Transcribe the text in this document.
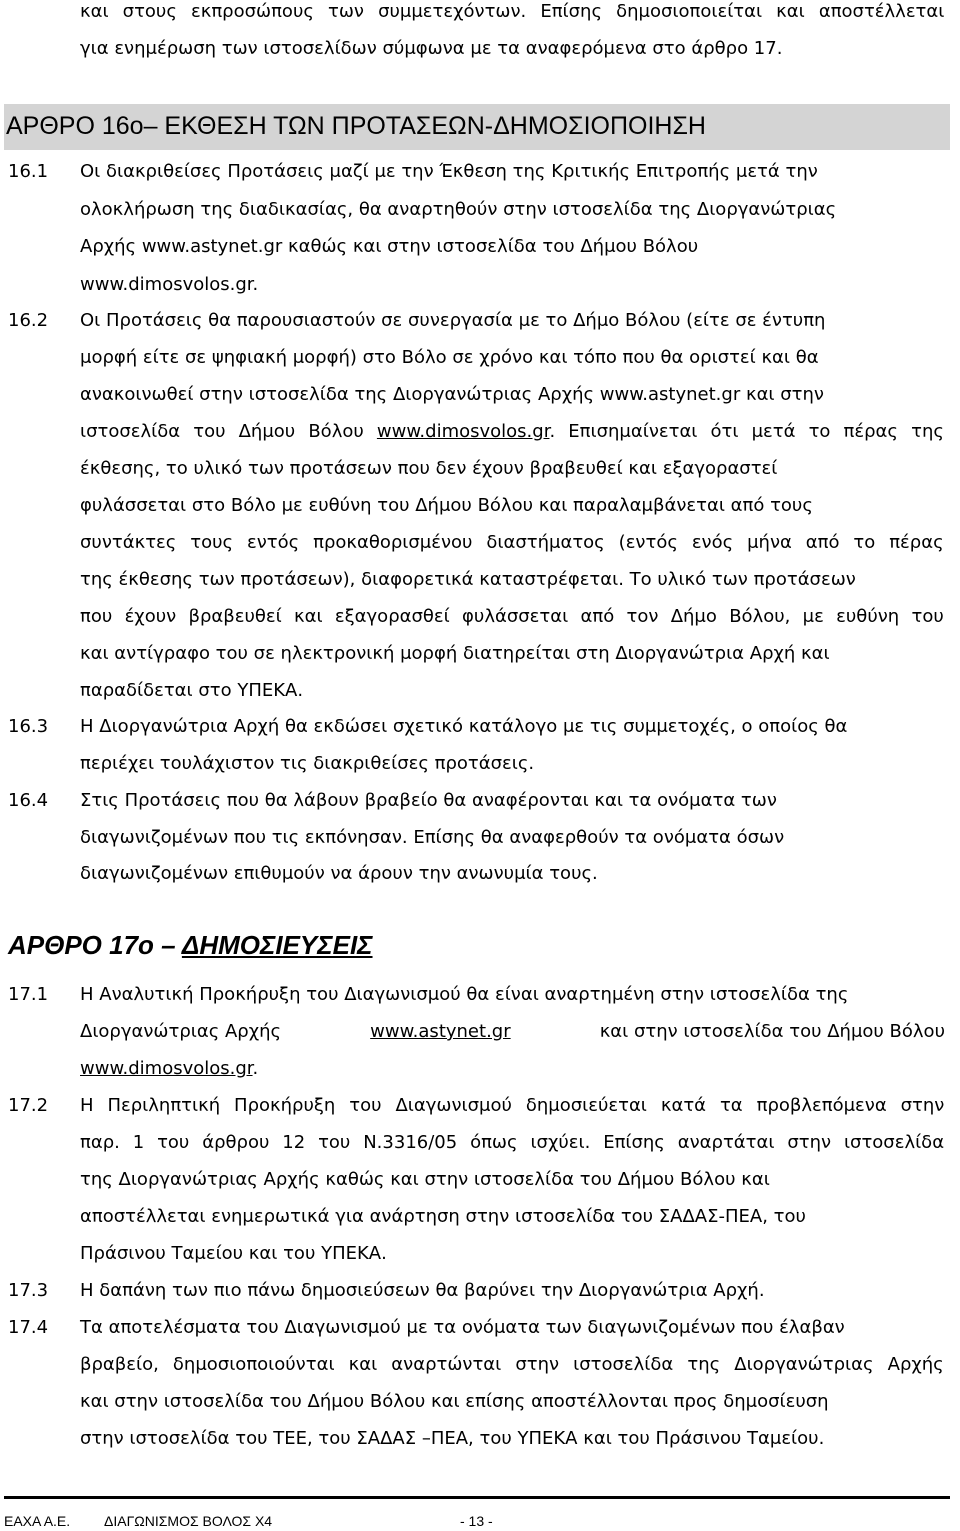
και στους εκπροσώπους των συμμετεχόντων. Επίσης δημοσιοποιείται και αποστέλλεται
για ενημέρωση των ιστοσελίδων σύμφωνα με τα αναφερόμενα στο άρθρο 17.
ΑΡΘΡΟ 16ο– ΕΚΘΕΣΗ ΤΩΝ ΠΡΟΤΑΣΕΩΝ-ΔΗΜΟΣΙΟΠΟΙΗΣΗ
16.1 Οι διακριθείσες Προτάσεις μαζί με την Έκθεση της Κριτικής Επιτροπής μετά την
ολοκλήρωση της διαδικασίας, θα αναρτηθούν στην ιστοσελίδα της Διοργανώτριας
Αρχής www.astynet.gr καθώς και στην ιστοσελίδα του Δήμου Βόλου
www.dimosvolos.gr.
16.2 Οι Προτάσεις θα παρουσιαστούν σε συνεργασία με το Δήμο Βόλου (είτε σε έντυπη
μορφή είτε σε ψηφιακή μορφή) στο Βόλο σε χρόνο και τόπο που θα οριστεί και θα
ανακοινωθεί στην ιστοσελίδα της Διοργανώτριας Αρχής www.astynet.gr και στην
ιστοσελίδα του Δήμου Βόλου www.dimosvolos.gr. Επισημαίνεται ότι μετά το πέρας της
έκθεσης, το υλικό των προτάσεων που δεν έχουν βραβευθεί και εξαγοραστεί
φυλάσσεται στο Βόλο με ευθύνη του Δήμου Βόλου και παραλαμβάνεται από τους
συντάκτες τους εντός προκαθορισμένου διαστήματος (εντός ενός μήνα από το πέρας
της έκθεσης των προτάσεων), διαφορετικά καταστρέφεται. Το υλικό των προτάσεων
που έχουν βραβευθεί και εξαγορασθεί φυλάσσεται από τον Δήμο Βόλου, με ευθύνη του
και αντίγραφο του σε ηλεκτρονική μορφή διατηρείται στη Διοργανώτρια Αρχή και
παραδίδεται στο ΥΠΕΚΑ.
16.3 Η Διοργανώτρια Αρχή θα εκδώσει σχετικό κατάλογο με τις συμμετοχές, ο οποίος θα
περιέχει τουλάχιστον τις διακριθείσες προτάσεις.
16.4 Στις Προτάσεις που θα λάβουν βραβείο θα αναφέρονται και τα ονόματα των
διαγωνιζομένων που τις εκπόνησαν. Επίσης θα αναφερθούν τα ονόματα όσων
διαγωνιζομένων επιθυμούν να άρουν την ανωνυμία τους.
ΑΡΘΡΟ 17ο – ΔΗΜΟΣΙΕΥΣΕΙΣ
17.1 Η Αναλυτική Προκήρυξη του Διαγωνισμού θα είναι αναρτημένη στην ιστοσελίδα της
Διοργανώτριας Αρχής	www.astynet.gr	και στην ιστοσελίδα του Δήμου Βόλου
www.dimosvolos.gr.
17.2 Η Περιληπτική Προκήρυξη του Διαγωνισμού δημοσιεύεται κατά τα προβλεπόμενα στην
παρ. 1 του άρθρου 12 του Ν.3316/05 όπως ισχύει. Επίσης αναρτάται στην ιστοσελίδα
της Διοργανώτριας Αρχής καθώς και στην ιστοσελίδα του Δήμου Βόλου και
αποστέλλεται ενημερωτικά για ανάρτηση στην ιστοσελίδα του ΣΑΔΑΣ-ΠΕΑ, του
Πράσινου Ταμείου και του ΥΠΕΚΑ.
17.3 Η δαπάνη των πιο πάνω δημοσιεύσεων θα βαρύνει την Διοργανώτρια Αρχή.
17.4 Τα αποτελέσματα του Διαγωνισμού με τα ονόματα των διαγωνιζομένων που έλαβαν
βραβείο, δημοσιοποιούνται και αναρτώνται στην ιστοσελίδα της Διοργανώτριας Αρχής
και στην ιστοσελίδα του Δήμου Βόλου και επίσης αποστέλλονται προς δημοσίευση
στην ιστοσελίδα του ΤΕΕ, του ΣΑΔΑΣ –ΠΕΑ, του ΥΠΕΚΑ και του Πράσινου Ταμείου.
ΕΑΧΑ Α.Ε. ΔΙΑΓΩΝΙΣΜΟΣ ΒΟΛΟΣ Χ4	- 13 -
